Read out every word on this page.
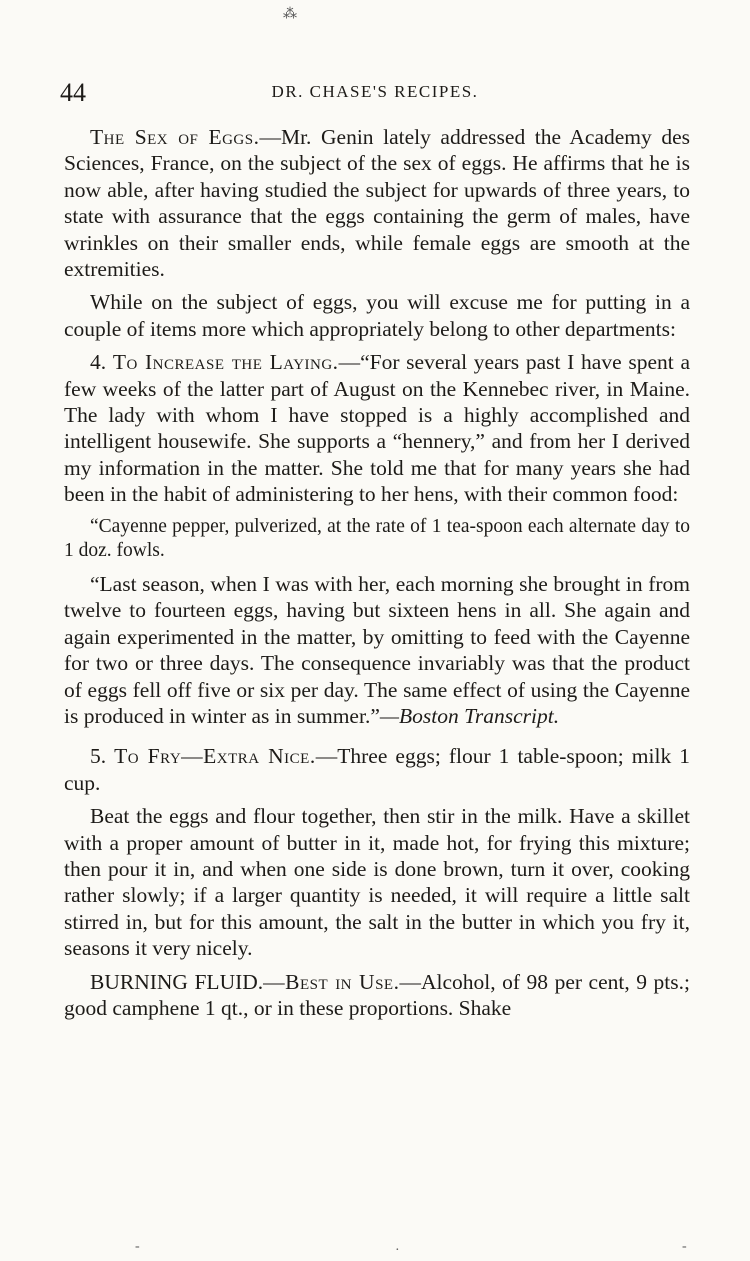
⁂
44	DR. CHASE'S RECIPES.

The Sex of Eggs.—Mr. Genin lately addressed the Academy des Sciences, France, on the subject of the sex of eggs. He affirms that he is now able, after having studied the subject for upwards of three years, to state with assurance that the eggs containing the germ of males, have wrinkles on their smaller ends, while female eggs are smooth at the extremities.

While on the subject of eggs, you will excuse me for putting in a couple of items more which appropriately belong to other departments:

4. To Increase the Laying.—“For several years past I have spent a few weeks of the latter part of August on the Kennebec river, in Maine. The lady with whom I have stopped is a highly accomplished and intelligent housewife. She supports a “hennery,” and from her I derived my information in the matter. She told me that for many years she had been in the habit of administering to her hens, with their common food:

“Cayenne pepper, pulverized, at the rate of 1 tea-spoon each alternate day to 1 doz. fowls.

“Last season, when I was with her, each morning she brought in from twelve to fourteen eggs, having but sixteen hens in all. She again and again experimented in the matter, by omitting to feed with the Cayenne for two or three days. The consequence invariably was that the product of eggs fell off five or six per day. The same effect of using the Cayenne is produced in winter as in summer.”—Boston Transcript.

5. To Fry—Extra Nice.—Three eggs; flour 1 table-spoon; milk 1 cup.

Beat the eggs and flour together, then stir in the milk. Have a skillet with a proper amount of butter in it, made hot, for frying this mixture; then pour it in, and when one side is done brown, turn it over, cooking rather slowly; if a larger quantity is needed, it will require a little salt stirred in, but for this amount, the salt in the butter in which you fry it, seasons it very nicely.

BURNING FLUID.—Best in Use.—Alcohol, of 98 per cent, 9 pts.; good camphene 1 qt., or in these proportions. Shake

-	·	-
